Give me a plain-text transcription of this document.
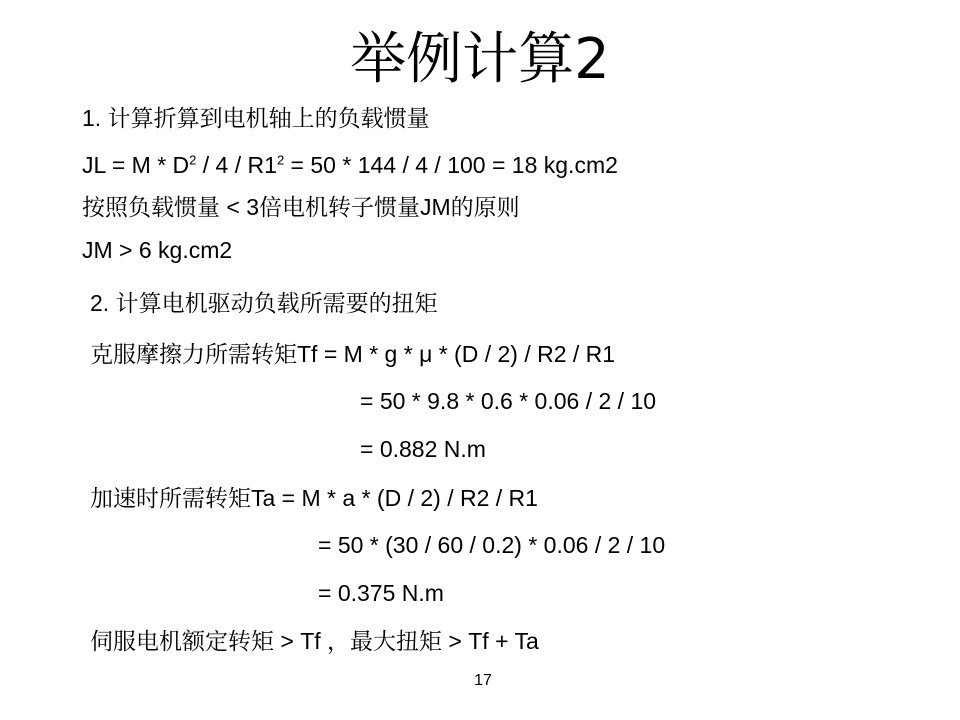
举例计算2
1. 计算折算到电机轴上的负载惯量
JL = $M * D^2 / 4 / R1^2 = 50 * 144 / 4 / 100 = 18$ kg.cm2
按照负载惯量 < 3倍电机转子惯量JM的原则
JM > 6 kg.cm2
2. 计算电机驱动负载所需要的扭矩
克服摩擦力所需转矩Tf = M * g * μ * (D / 2) / R2 / R1
= 50 * 9.8 * 0.6 * 0.06 / 2 / 10
= 0.882 N.m
加速时所需转矩Ta = M * a * (D / 2) / R2 / R1
= 50 * (30 / 60 / 0.2) * 0.06 / 2 / 10
= 0.375 N.m
伺服电机额定转矩 > Tf ，最大扭矩 > Tf + Ta
17
